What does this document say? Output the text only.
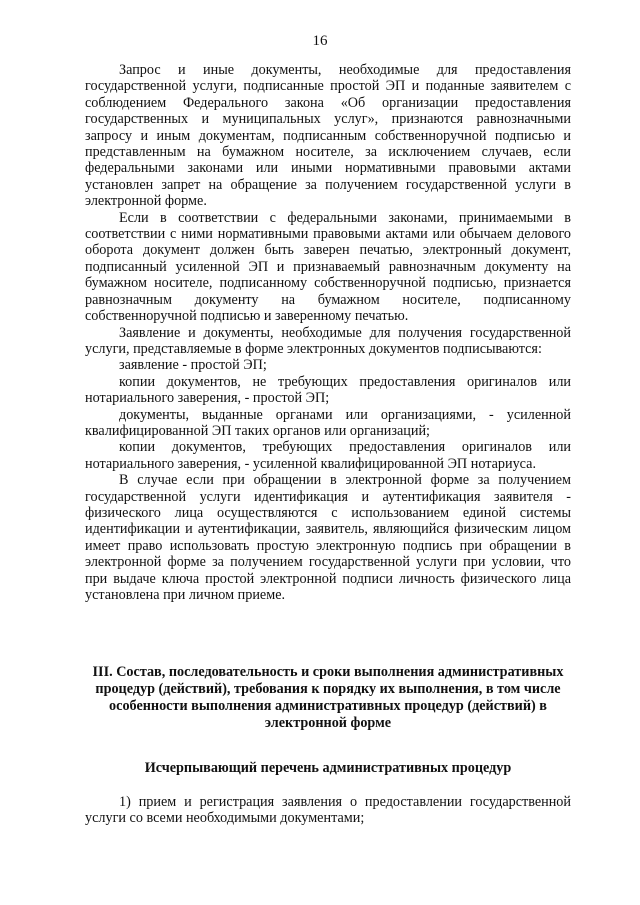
16

Запрос и иные документы, необходимые для предоставления государственной услуги, подписанные простой ЭП и поданные заявителем с соблюдением Федерального закона «Об организации предоставления государственных и муниципальных услуг», признаются равнозначными запросу и иным документам, подписанным собственноручной подписью и представленным на бумажном носителе, за исключением случаев, если федеральными законами или иными нормативными правовыми актами установлен запрет на обращение за получением государственной услуги в электронной форме.

Если в соответствии с федеральными законами, принимаемыми в соответствии с ними нормативными правовыми актами или обычаем делового оборота документ должен быть заверен печатью, электронный документ, подписанный усиленной ЭП и признаваемый равнозначным документу на бумажном носителе, подписанному собственноручной подписью, признается равнозначным документу на бумажном носителе, подписанному собственноручной подписью и заверенному печатью.

Заявление и документы, необходимые для получения государственной услуги, представляемые в форме электронных документов подписываются:

заявление - простой ЭП;

копии документов, не требующих предоставления оригиналов или нотариального заверения, - простой ЭП;

документы, выданные органами или организациями, - усиленной квалифицированной ЭП таких органов или организаций;

копии документов, требующих предоставления оригиналов или нотариального заверения, - усиленной квалифицированной ЭП нотариуса.

В случае если при обращении в электронной форме за получением государственной услуги идентификация и аутентификация заявителя - физического лица осуществляются с использованием единой системы идентификации и аутентификации, заявитель, являющийся физическим лицом имеет право использовать простую электронную подпись при обращении в электронной форме за получением государственной услуги при условии, что при выдаче ключа простой электронной подписи личность физического лица установлена при личном приеме.

III. Состав, последовательность и сроки выполнения административных процедур (действий), требования к порядку их выполнения, в том числе особенности выполнения административных процедур (действий) в электронной форме
Исчерпывающий перечень административных процедур

1) прием и регистрация заявления о предоставлении государственной услуги со всеми необходимыми документами;
